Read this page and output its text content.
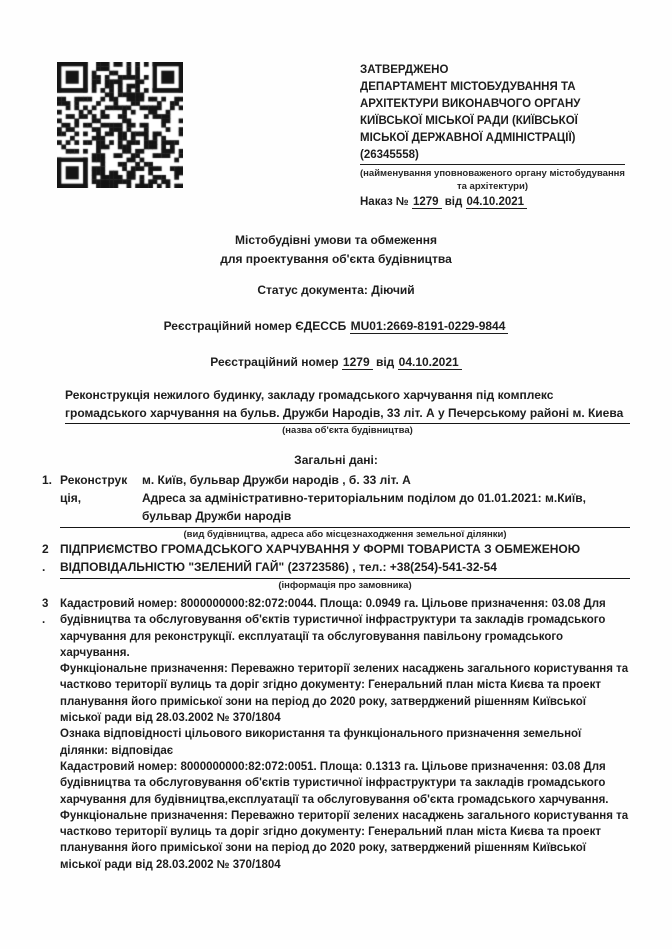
ЗАТВЕРДЖЕНО
ДЕПАРТАМЕНТ МІСТОБУДУВАННЯ ТА АРХІТЕКТУРИ ВИКОНАВЧОГО ОРГАНУ КИЇВСЬКОЇ МІСЬКОЇ РАДИ (КИЇВСЬКОЇ МІСЬКОЇ ДЕРЖАВНОЇ АДМІНІСТРАЦІЇ) (26345558)
(найменування уповноваженого органу містобудування та архітектури)
Наказ № 1279 від 04.10.2021
Містобудівні умови та обмеження
для проектування об'єкта будівництва
Статус документа: Діючий
Реєстраційний номер ЄДЕССБ MU01:2669-8191-0229-9844
Реєстраційний номер 1279 від 04.10.2021
Реконструкція нежилого будинку, закладу громадського харчування під комплекс громадського харчування на бульв. Дружби Народів, 33 літ. А у Печерському районі м. Киева
(назва об'єкта будівництва)
Загальні дані:
1. Реконструк
ція,
м. Київ, бульвар Дружби народів , б. 33 літ. А
Адреса за адміністративно-територіальним поділом до 01.01.2021: м.Київ, бульвар Дружби народів
(вид будівництва, адреса або місцезнаходження земельної ділянки)
2
.
ПІДПРИЄМСТВО ГРОМАДСЬКОГО ХАРЧУВАННЯ У ФОРМІ ТОВАРИСТА З ОБМЕЖЕНОЮ ВІДПОВІДАЛЬНІСТЮ "ЗЕЛЕНИЙ ГАЙ" (23723586) , тел.: +38(254)-541-32-54
(інформація про замовника)
3
.
Кадастровий номер: 8000000000:82:072:0044. Площа: 0.0949 га. Цільове призначення: 03.08 Для будівництва та обслуговування об'єктів туристичної інфраструктури та закладів громадського харчування для реконструкції. експлуатації та обслуговування павільону громадського харчування.
Функціональне призначення: Переважно території зелених насаджень загального користування та частково території вулиць та доріг згідно документу: Генеральний план міста Києва та проект планування його приміської зони на період до 2020 року, затверджений рішенням Київської міської ради від 28.03.2002 № 370/1804
Ознака відповідності цільового використання та функціонального призначення земельної ділянки: відповідає
Кадастровий номер: 8000000000:82:072:0051. Площа: 0.1313 га. Цільове призначення: 03.08 Для будівництва та обслуговування об'єктів туристичної інфраструктури та закладів громадського харчування для будівництва,експлуатації та обслуговування об'єкта громадського харчування.
Функціональне призначення: Переважно території зелених насаджень загального користування та частково території вулиць та доріг згідно документу: Генеральний план міста Києва та проект планування його приміської зони на період до 2020 року, затверджений рішенням Київської міської ради від 28.03.2002 № 370/1804
